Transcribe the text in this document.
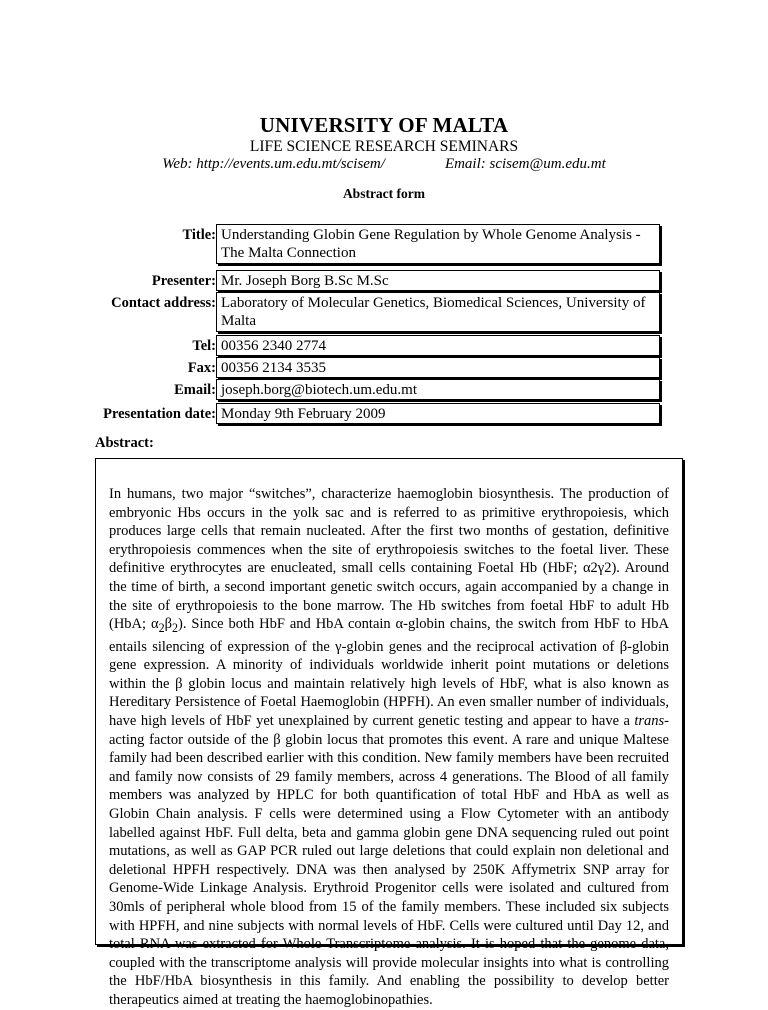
UNIVERSITY OF MALTA
LIFE SCIENCE RESEARCH SEMINARS
Web: http://events.um.edu.mt/scisem/	Email: scisem@um.edu.mt
Abstract form
Title: Understanding Globin Gene Regulation by Whole Genome Analysis - The Malta Connection
Presenter: Mr. Joseph Borg B.Sc M.Sc
Contact address: Laboratory of Molecular Genetics, Biomedical Sciences, University of Malta
Tel: 00356 2340 2774
Fax: 00356 2134 3535
Email: joseph.borg@biotech.um.edu.mt
Presentation date: Monday 9th February 2009
Abstract:

In humans, two major “switches”, characterize haemoglobin biosynthesis. The production of embryonic Hbs occurs in the yolk sac and is referred to as primitive erythropoiesis, which produces large cells that remain nucleated. After the first two months of gestation, definitive erythropoiesis commences when the site of erythropoiesis switches to the foetal liver. These definitive erythrocytes are enucleated, small cells containing Foetal Hb (HbF; α2γ2). Around the time of birth, a second important genetic switch occurs, again accompanied by a change in the site of erythropoiesis to the bone marrow. The Hb switches from foetal HbF to adult Hb (HbA; $\alpha_2\beta_2$). Since both HbF and HbA contain α-globin chains, the switch from HbF to HbA entails silencing of expression of the γ-globin genes and the reciprocal activation of β-globin gene expression. A minority of individuals worldwide inherit point mutations or deletions within the β globin locus and maintain relatively high levels of HbF, what is also known as Hereditary Persistence of Foetal Haemoglobin (HPFH). An even smaller number of individuals, have high levels of HbF yet unexplained by current genetic testing and appear to have a trans- acting factor outside of the β globin locus that promotes this event. A rare and unique Maltese family had been described earlier with this condition. New family members have been recruited and family now consists of 29 family members, across 4 generations. The Blood of all family members was analyzed by HPLC for both quantification of total HbF and HbA as well as Globin Chain analysis. F cells were determined using a Flow Cytometer with an antibody labelled against HbF. Full delta, beta and gamma globin gene DNA sequencing ruled out point mutations, as well as GAP PCR ruled out large deletions that could explain non deletional and deletional HPFH respectively. DNA was then analysed by 250K Affymetrix SNP array for Genome-Wide Linkage Analysis. Erythroid Progenitor cells were isolated and cultured from 30mls of peripheral whole blood from 15 of the family members. These included six subjects with HPFH, and nine subjects with normal levels of HbF. Cells were cultured until Day 12, and total RNA was extracted for Whole Transcriptome analysis. It is hoped that the genome data, coupled with the transcriptome analysis will provide molecular insights into what is controlling the HbF/HbA biosynthesis in this family. And enabling the possibility to develop better therapeutics aimed at treating the haemoglobinopathies.
